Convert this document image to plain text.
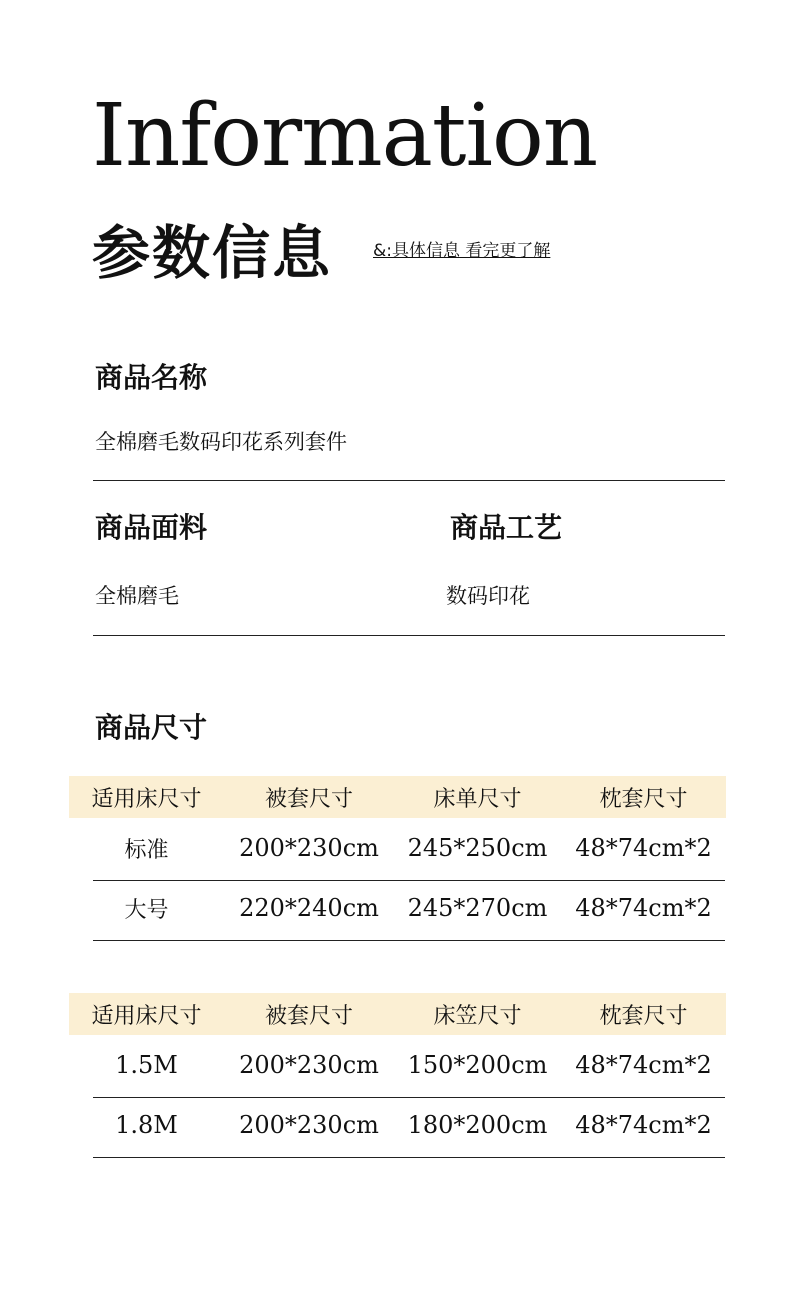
Information
参数信息 &:具体信息 看完更了解
商品名称
全棉磨毛数码印花系列套件
商品面料
全棉磨毛
商品工艺
数码印花
商品尺寸
适用床尺寸	被套尺寸	床单尺寸	枕套尺寸
标准	200*230cm	245*250cm	48*74cm*2
大号	220*240cm	245*270cm	48*74cm*2
适用床尺寸	被套尺寸	床笠尺寸	枕套尺寸
1.5M	200*230cm	150*200cm	48*74cm*2
1.8M	200*230cm	180*200cm	48*74cm*2
